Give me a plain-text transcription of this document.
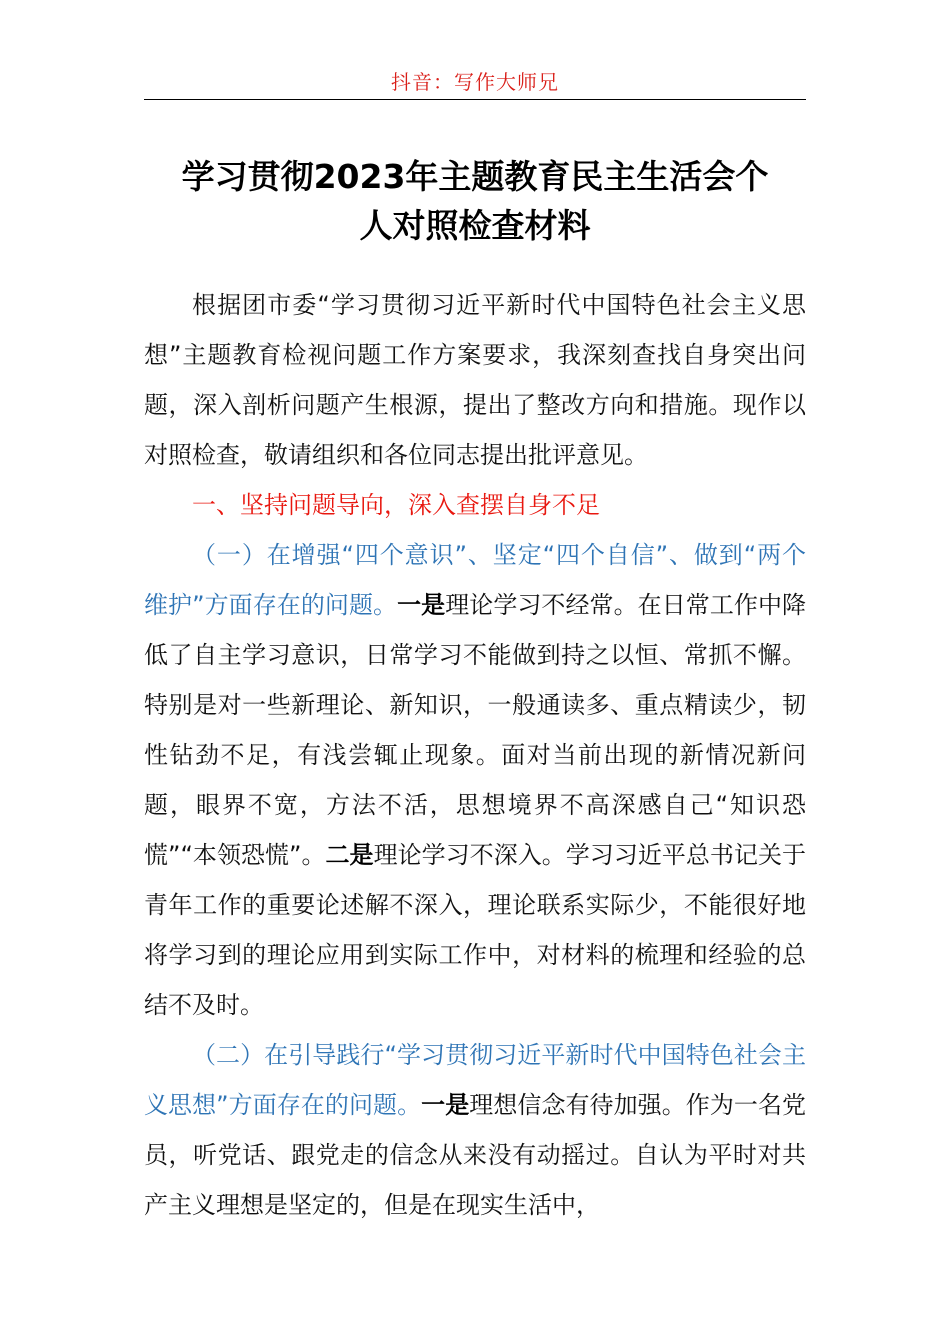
抖音：写作大师兄
学习贯彻2023年主题教育民主生活会个
人对照检查材料

根据团市委“学习贯彻习近平新时代中国特色社会主义思想”主题教育检视问题工作方案要求，我深刻查找自身突出问题，深入剖析问题产生根源，提出了整改方向和措施。现作以对照检查，敬请组织和各位同志提出批评意见。

一、坚持问题导向，深入查摆自身不足

（一）在增强“四个意识”、坚定“四个自信”、做到“两个维护”方面存在的问题。一是理论学习不经常。在日常工作中降低了自主学习意识，日常学习不能做到持之以恒、常抓不懈。特别是对一些新理论、新知识，一般通读多、重点精读少，韧性钻劲不足，有浅尝辄止现象。面对当前出现的新情况新问题，眼界不宽，方法不活，思想境界不高深感自己“知识恐慌”“本领恐慌”。二是理论学习不深入。学习习近平总书记关于青年工作的重要论述解不深入，理论联系实际少，不能很好地将学习到的理论应用到实际工作中，对材料的梳理和经验的总结不及时。

（二）在引导践行“学习贯彻习近平新时代中国特色社会主义思想”方面存在的问题。一是理想信念有待加强。作为一名党员，听党话、跟党走的信念从来没有动摇过。自认为平时对共产主义理想是坚定的，但是在现实生活中，
